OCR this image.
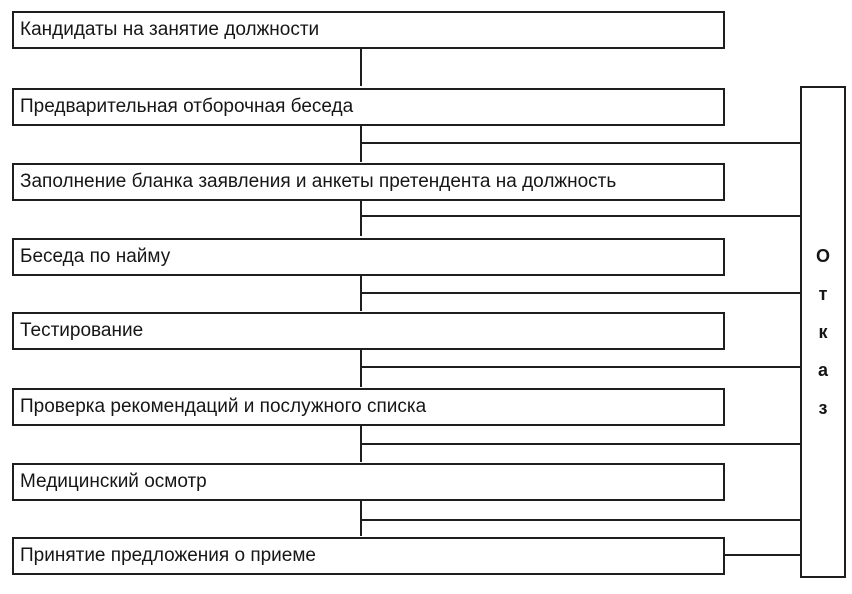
Кандидаты на занятие должности
Предварительная отборочная беседа
Заполнение бланка заявления и анкеты претендента на должность
Беседа по найму
Тестирование
Проверка рекомендаций и послужного списка
Медицинский осмотр
Принятие предложения о приеме
О
т
к
а
з
